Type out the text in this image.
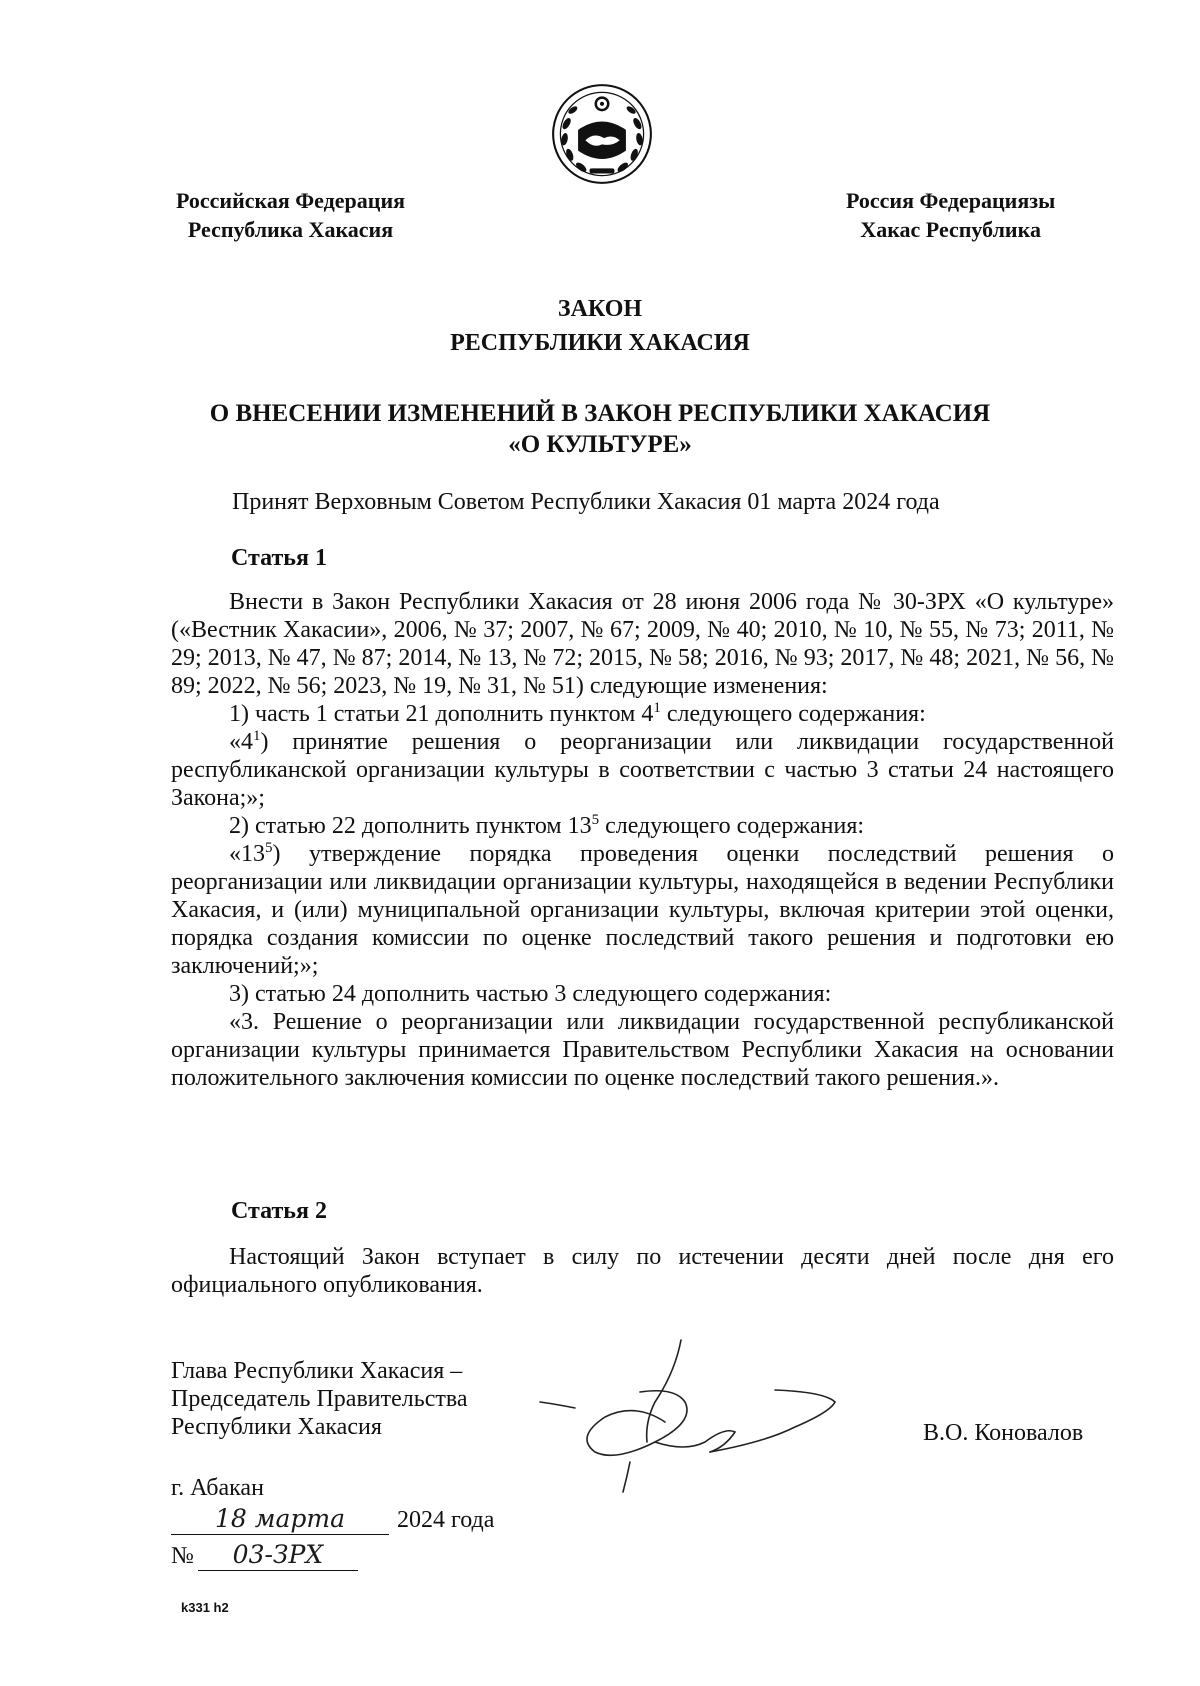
Российская Федерация
Республика Хакасия
Россия Федерациязы
Хакас Республика
ЗАКОН
РЕСПУБЛИКИ ХАКАСИЯ
О ВНЕСЕНИИ ИЗМЕНЕНИЙ В ЗАКОН РЕСПУБЛИКИ ХАКАСИЯ
«О КУЛЬТУРЕ»
Принят Верховным Советом Республики Хакасия 01 марта 2024 года
Статья 1

Внести в Закон Республики Хакасия от 28 июня 2006 года № 30-ЗРХ «О культуре» («Вестник Хакасии», 2006, № 37; 2007, № 67; 2009, № 40; 2010, № 10, № 55, № 73; 2011, № 29; 2013, № 47, № 87; 2014, № 13, № 72; 2015, № 58; 2016, № 93; 2017, № 48; 2021, № 56, № 89; 2022, № 56; 2023, № 19, № 31, № 51) следующие изменения:

1) часть 1 статьи 21 дополнить пунктом $4^1$ следующего содержания:

«$4^1$) принятие решения о реорганизации или ликвидации государственной республиканской организации культуры в соответствии с частью 3 статьи 24 настоящего Закона;»;

2) статью 22 дополнить пунктом $13^5$ следующего содержания:

«$13^5$) утверждение порядка проведения оценки последствий решения о реорганизации или ликвидации организации культуры, находящейся в ведении Республики Хакасия, и (или) муниципальной организации культуры, включая критерии этой оценки, порядка создания комиссии по оценке последствий такого решения и подготовки ею заключений;»;

3) статью 24 дополнить частью 3 следующего содержания:

«3. Решение о реорганизации или ликвидации государственной республиканской организации культуры принимается Правительством Республики Хакасия на основании положительного заключения комиссии по оценке последствий такого решения.».

Статья 2

Настоящий Закон вступает в силу по истечении десяти дней после дня его официального опубликования.

Глава Республики Хакасия –
Председатель Правительства
Республики Хакасия	В.О. Коновалов
г. Абакан
18 марта 2024 года
№ 03-ЗРХ
k331 h2
